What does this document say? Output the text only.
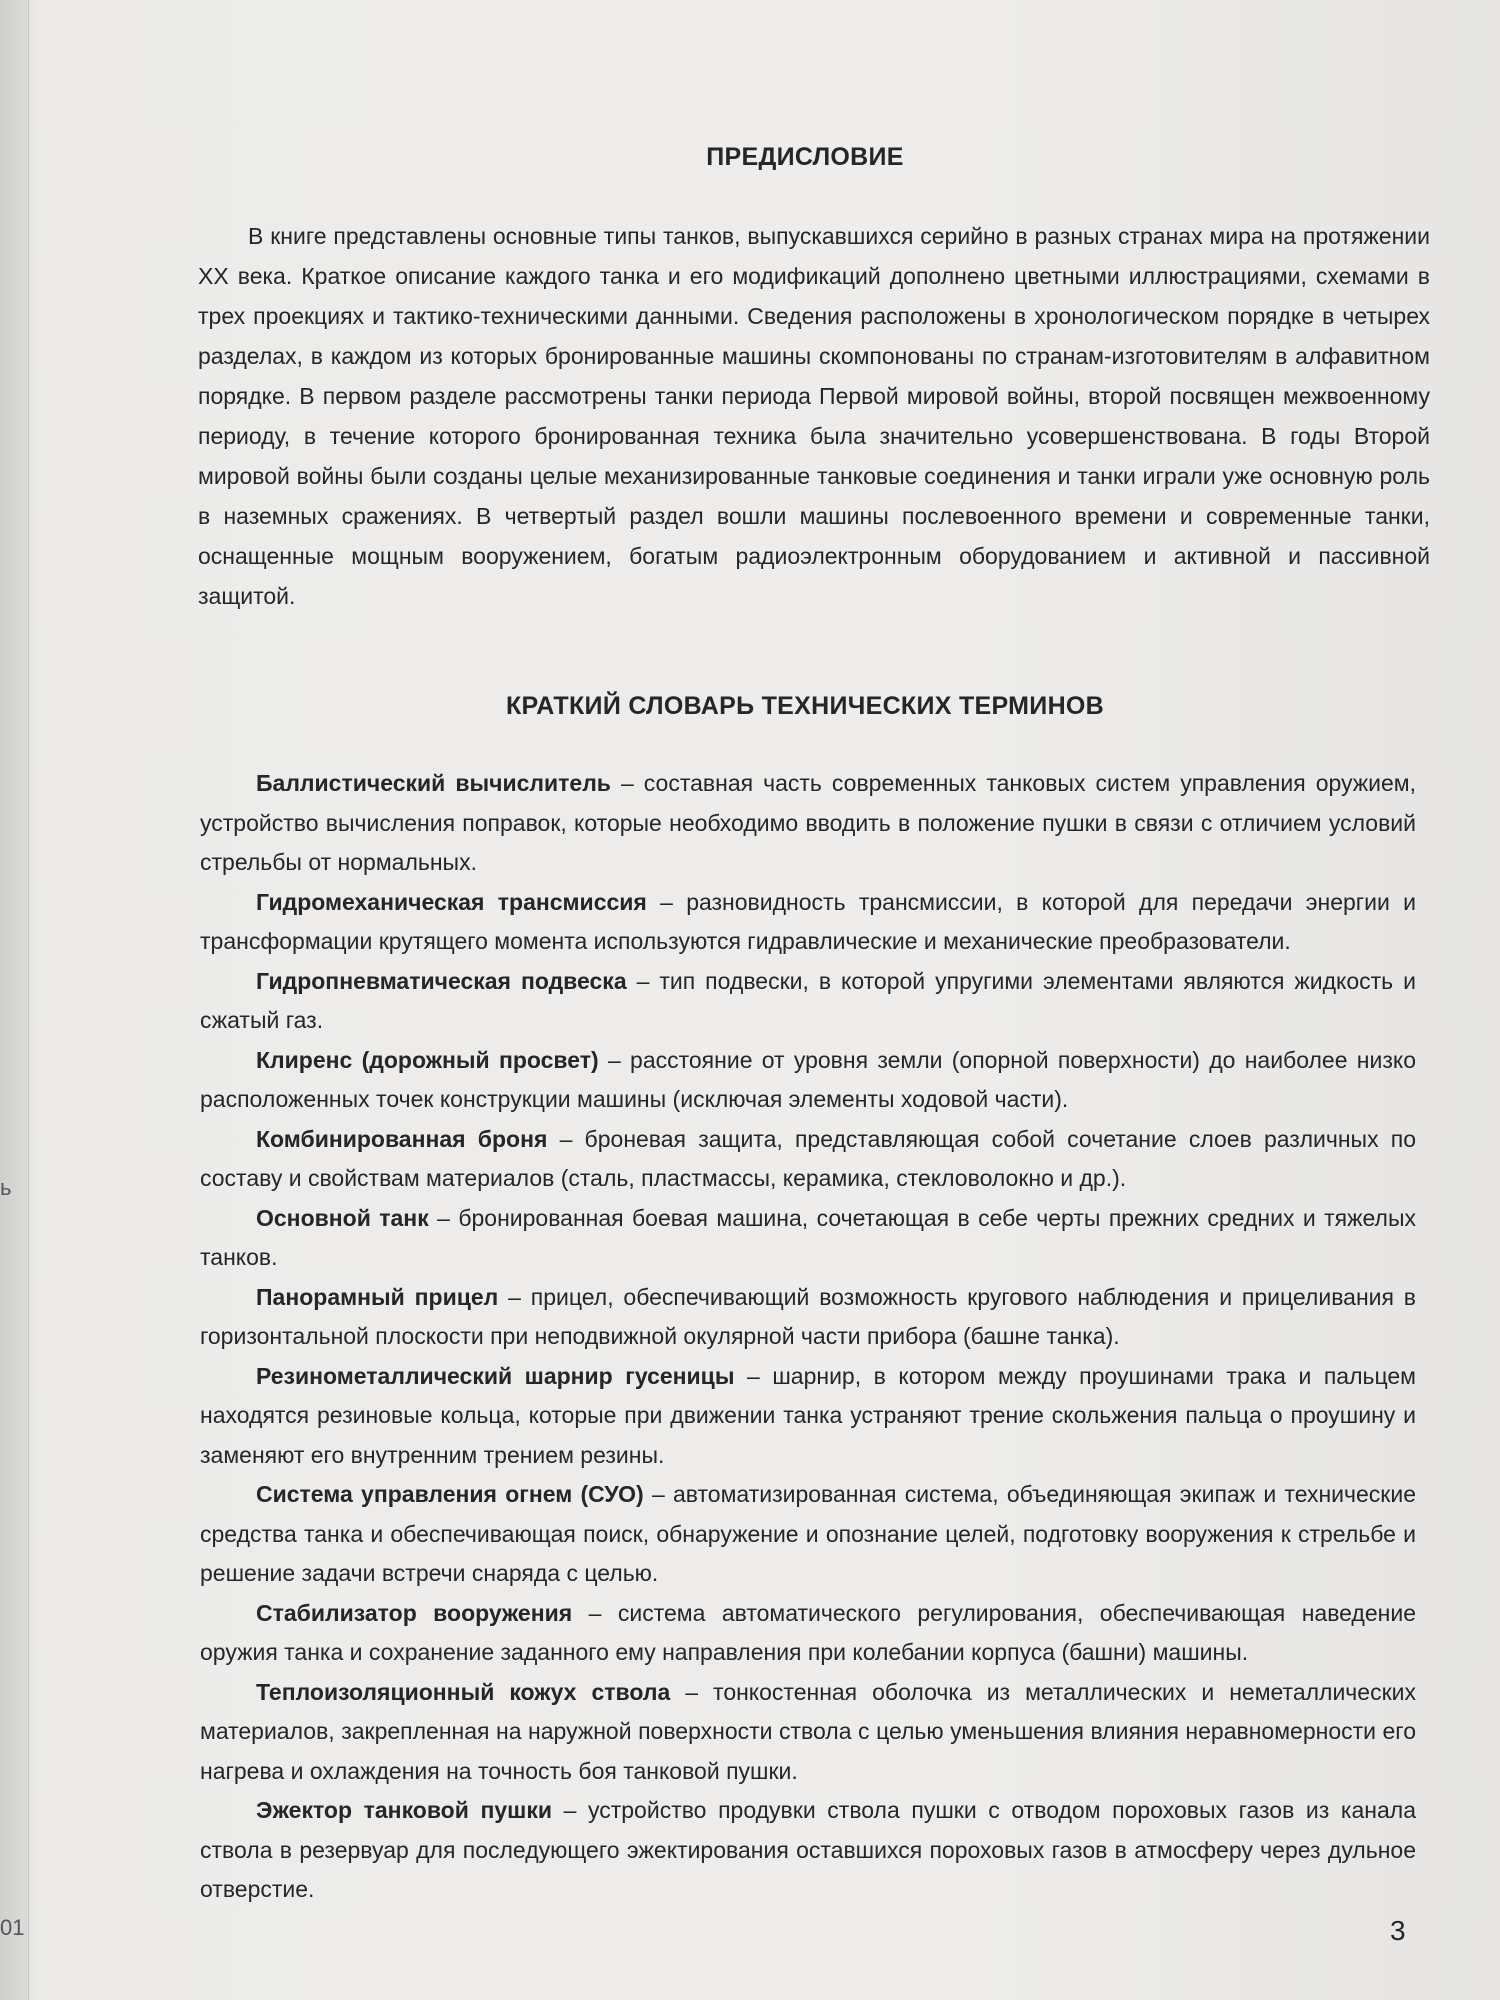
ь
01
ПРЕДИСЛОВИЕ

В книге представлены основные типы танков, выпускавшихся серийно в разных странах мира на протяжении XX века. Краткое описание каждого танка и его модификаций дополнено цветными иллюстрациями, схемами в трех проекциях и тактико-техническими данными. Сведения расположены в хронологическом порядке в четырех разделах, в каждом из которых бронированные машины скомпонованы по странам-изготовителям в алфавитном порядке. В первом разделе рассмотрены танки периода Первой мировой войны, второй посвящен межвоенному периоду, в течение которого бронированная техника была значительно усовершенствована. В годы Второй мировой войны были созданы целые механизированные танковые соединения и танки играли уже основную роль в наземных сражениях. В четвертый раздел вошли машины послевоенного времени и современные танки, оснащенные мощным вооружением, богатым радиоэлектронным оборудованием и активной и пассивной защитой.

КРАТКИЙ СЛОВАРЬ ТЕХНИЧЕСКИХ ТЕРМИНОВ
Баллистический вычислитель – составная часть современных танковых систем управления оружием, устройство вычисления поправок, которые необходимо вводить в положение пушки в связи с отличием условий стрельбы от нормальных.
Гидромеханическая трансмиссия – разновидность трансмиссии, в которой для передачи энергии и трансформации крутящего момента используются гидравлические и механические преобразователи.
Гидропневматическая подвеска – тип подвески, в которой упругими элементами являются жидкость и сжатый газ.
Клиренс (дорожный просвет) – расстояние от уровня земли (опорной поверхности) до наиболее низко расположенных точек конструкции машины (исключая элементы ходовой части).
Комбинированная броня – броневая защита, представляющая собой сочетание слоев различных по составу и свойствам материалов (сталь, пластмассы, керамика, стекловолокно и др.).
Основной танк – бронированная боевая машина, сочетающая в себе черты прежних средних и тяжелых танков.
Панорамный прицел – прицел, обеспечивающий возможность кругового наблюдения и прицеливания в горизонтальной плоскости при неподвижной окулярной части прибора (башне танка).
Резинометаллический шарнир гусеницы – шарнир, в котором между проушинами трака и пальцем находятся резиновые кольца, которые при движении танка устраняют трение скольжения пальца о проушину и заменяют его внутренним трением резины.
Система управления огнем (СУО) – автоматизированная система, объединяющая экипаж и технические средства танка и обеспечивающая поиск, обнаружение и опознание целей, подготовку вооружения к стрельбе и решение задачи встречи снаряда с целью.
Стабилизатор вооружения – система автоматического регулирования, обеспечивающая наведение оружия танка и сохранение заданного ему направления при колебании корпуса (башни) машины.
Теплоизоляционный кожух ствола – тонкостенная оболочка из металлических и неметаллических материалов, закрепленная на наружной поверхности ствола с целью уменьшения влияния неравномерности его нагрева и охлаждения на точность боя танковой пушки.
Эжектор танковой пушки – устройство продувки ствола пушки с отводом пороховых газов из канала ствола в резервуар для последующего эжектирования оставшихся пороховых газов в атмосферу через дульное отверстие.
3
